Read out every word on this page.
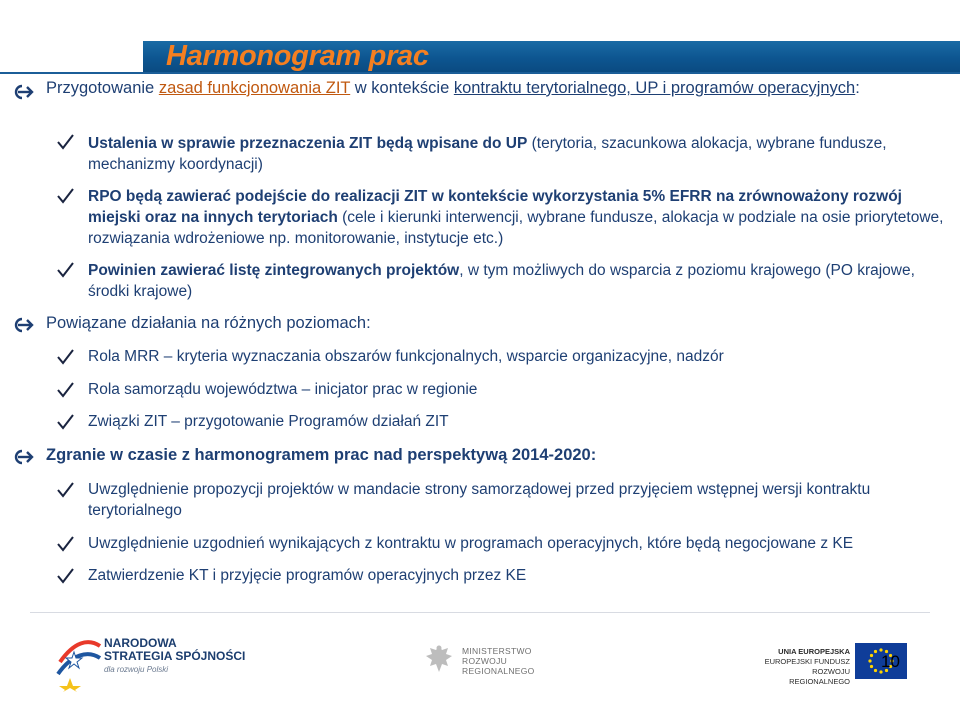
Harmonogram prac

Przygotowanie zasad funkcjonowania ZIT w kontekście kontraktu terytorialnego, UP i programów operacyjnych:

Ustalenia w sprawie przeznaczenia ZIT będą wpisane do UP (terytoria, szacunkowa alokacja, wybrane fundusze, mechanizmy koordynacji)

RPO będą zawierać podejście do realizacji ZIT w kontekście wykorzystania 5% EFRR na zrównoważony rozwój miejski oraz na innych terytoriach (cele i kierunki interwencji, wybrane fundusze, alokacja w podziale na osie priorytetowe, rozwiązania wdrożeniowe np. monitorowanie, instytucje etc.)

Powinien zawierać listę zintegrowanych projektów, w tym możliwych do wsparcia z poziomu krajowego (PO krajowe, środki krajowe)

Powiązane działania na różnych poziomach:

Rola MRR – kryteria wyznaczania obszarów funkcjonalnych, wsparcie organizacyjne, nadzór

Rola samorządu województwa – inicjator prac w regionie

Związki ZIT – przygotowanie Programów działań ZIT

Zgranie w czasie z harmonogramem prac nad perspektywą 2014-2020:

Uwzględnienie propozycji projektów w mandacie strony samorządowej przed przyjęciem wstępnej wersji kontraktu terytorialnego

Uwzględnienie uzgodnień wynikających z kontraktu w programach operacyjnych, które będą negocjowane z KE

Zatwierdzenie KT i przyjęcie programów operacyjnych przez KE

NARODOWA
STRATEGIA SPÓJNOŚCI
dla rozwoju Polski
MINISTERSTWO
ROZWOJU
REGIONALNEGO
UNIA EUROPEJSKA
EUROPEJSKI FUNDUSZ
ROZWOJU REGIONALNEGO
10
